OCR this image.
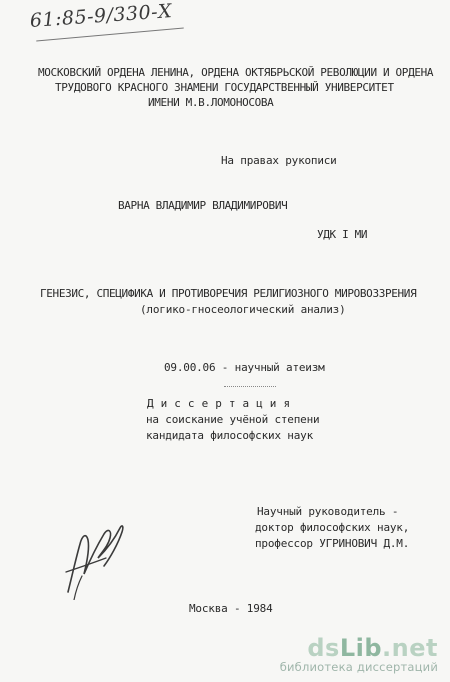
61:85-9/330-Х
МОСКОВСКИЙ ОРДЕНА ЛЕНИНА, ОРДЕНА ОКТЯБРЬСКОЙ РЕВОЛЮЦИИ И ОРДЕНА
ТРУДОВОГО КРАСНОГО ЗНАМЕНИ ГОСУДАРСТВЕННЫЙ УНИВЕРСИТЕТ
ИМЕНИ М.В.ЛОМОНОСОВА
На правах рукописи
ВАРНА ВЛАДИМИР ВЛАДИМИРОВИЧ
УДК I МИ
ГЕНЕЗИС, СПЕЦИФИКА И ПРОТИВОРЕЧИЯ РЕЛИГИОЗНОГО МИРОВОЗЗРЕНИЯ
(логико-гносеологический анализ)
09.00.06 - научный атеизм
Д и с с е р т а ц и я
на соискание учёной степени
кандидата философских наук
Научный руководитель -
доктор философских наук,
профессор УГРИНОВИЧ Д.М.
Москва - 1984
dsLib.net
библиотека диссертаций
